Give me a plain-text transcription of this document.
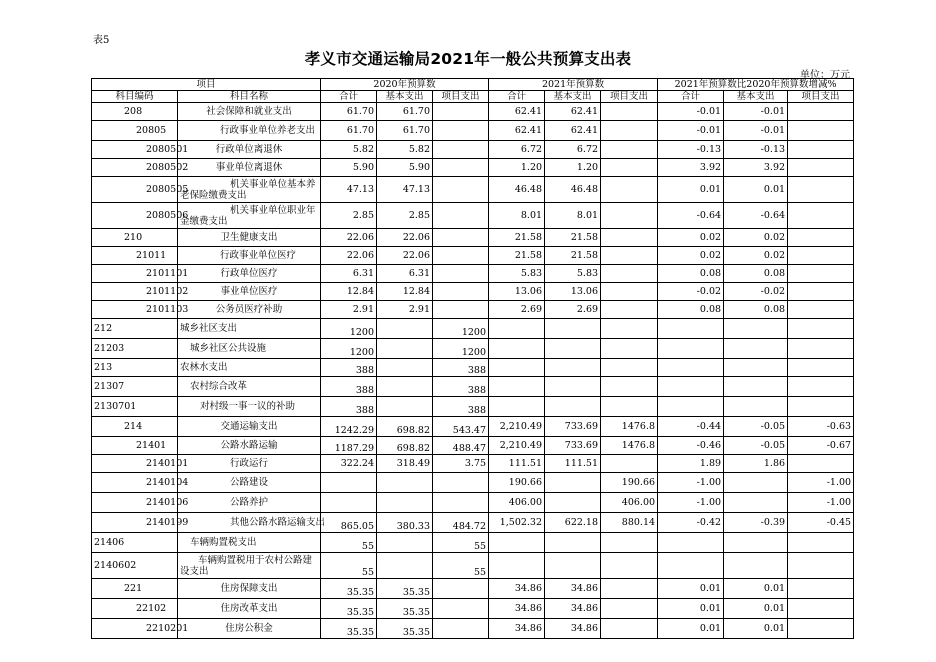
表5
孝义市交通运输局2021年一般公共预算支出表
单位：万元
项目		2020年预算数			2021年预算数			2021年预算数比2020年预算数增减%		
科目编码	科目名称	合计	基本支出	项目支出	合计	基本支出	项目支出	合计	基本支出	项目支出
208	社会保障和就业支出	61.70	61.70		62.41	62.41		-0.01	-0.01	
20805	行政事业单位养老支出	61.70	61.70		62.41	62.41		-0.01	-0.01	
2080501	行政单位离退休	5.82	5.82		6.72	6.72		-0.13	-0.13	
2080502	事业单位离退休	5.90	5.90		1.20	1.20		3.92	3.92	
2080505	机关事业单位基本养老保险缴费支出	47.13	47.13		46.48	46.48		0.01	0.01	
2080506	机关事业单位职业年金缴费支出	2.85	2.85		8.01	8.01		-0.64	-0.64	
210	卫生健康支出	22.06	22.06		21.58	21.58		0.02	0.02	
21011	行政事业单位医疗	22.06	22.06		21.58	21.58		0.02	0.02	
2101101	行政单位医疗	6.31	6.31		5.83	5.83		0.08	0.08	
2101102	事业单位医疗	12.84	12.84		13.06	13.06		-0.02	-0.02	
2101103	公务员医疗补助	2.91	2.91		2.69	2.69		0.08	0.08	
212	城乡社区支出	1200		1200						
21203	城乡社区公共设施	1200		1200						
213	农林水支出	388		388						
21307	农村综合改革	388		388						
2130701	对村级一事一议的补助	388		388						
214	交通运输支出	1242.29	698.82	543.47	2,210.49	733.69	1476.8	-0.44	-0.05	-0.63
21401	公路水路运输	1187.29	698.82	488.47	2,210.49	733.69	1476.8	-0.46	-0.05	-0.67
2140101	行政运行	322.24	318.49	3.75	111.51	111.51		1.89	1.86	
2140104	公路建设				190.66		190.66	-1.00		-1.00
2140106	公路养护				406.00		406.00	-1.00		-1.00
2140199	其他公路水路运输支出	865.05	380.33	484.72	1,502.32	622.18	880.14	-0.42	-0.39	-0.45
21406	车辆购置税支出	55		55						
2140602	车辆购置税用于农村公路建设支出	55		55						
221	住房保障支出	35.35	35.35		34.86	34.86		0.01	0.01	
22102	住房改革支出	35.35	35.35		34.86	34.86		0.01	0.01	
2210201	住房公积金	35.35	35.35		34.86	34.86		0.01	0.01	
